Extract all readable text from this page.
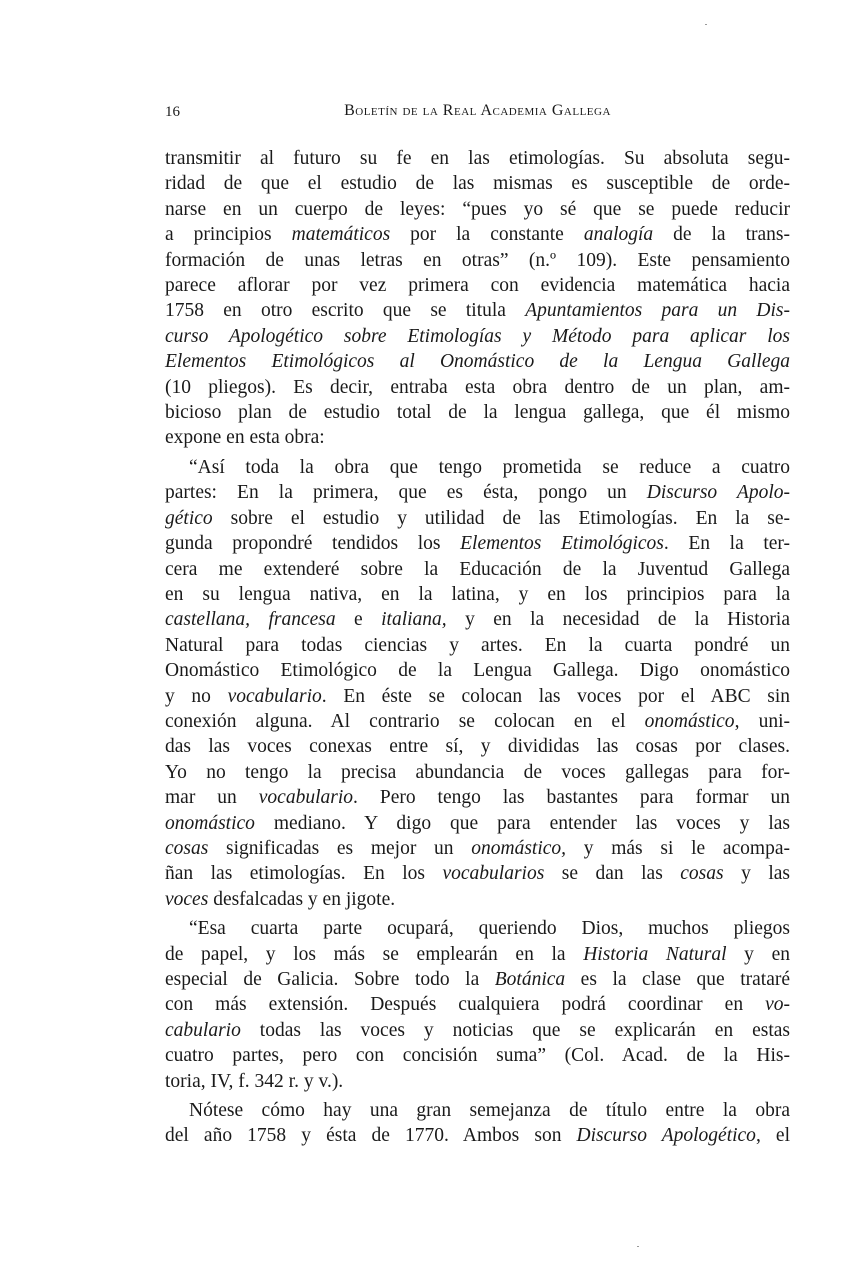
16	Boletín de la Real Academia Gallega
transmitir al futuro su fe en las etimologías. Su absoluta segu-
ridad de que el estudio de las mismas es susceptible de orde-
narse en un cuerpo de leyes: “pues yo sé que se puede reducir
a principios matemáticos por la constante analogía de la trans-
formación de unas letras en otras” (n.º 109). Este pensamiento
parece aflorar por vez primera con evidencia matemática hacia
1758 en otro escrito que se titula Apuntamientos para un Dis-
curso Apologético sobre Etimologías y Método para aplicar los
Elementos Etimológicos al Onomástico de la Lengua Gallega
(10 pliegos). Es decir, entraba esta obra dentro de un plan, am-
bicioso plan de estudio total de la lengua gallega, que él mismo
expone en esta obra:
“Así toda la obra que tengo prometida se reduce a cuatro
partes: En la primera, que es ésta, pongo un Discurso Apolo-
gético sobre el estudio y utilidad de las Etimologías. En la se-
gunda propondré tendidos los Elementos Etimológicos. En la ter-
cera me extenderé sobre la Educación de la Juventud Gallega
en su lengua nativa, en la latina, y en los principios para la
castellana, francesa e italiana, y en la necesidad de la Historia
Natural para todas ciencias y artes. En la cuarta pondré un
Onomástico Etimológico de la Lengua Gallega. Digo onomástico
y no vocabulario. En éste se colocan las voces por el ABC sin
conexión alguna. Al contrario se colocan en el onomástico, uni-
das las voces conexas entre sí, y divididas las cosas por clases.
Yo no tengo la precisa abundancia de voces gallegas para for-
mar un vocabulario. Pero tengo las bastantes para formar un
onomástico mediano. Y digo que para entender las voces y las
cosas significadas es mejor un onomástico, y más si le acompa-
ñan las etimologías. En los vocabularios se dan las cosas y las
voces desfalcadas y en jigote.
“Esa cuarta parte ocupará, queriendo Dios, muchos pliegos
de papel, y los más se emplearán en la Historia Natural y en
especial de Galicia. Sobre todo la Botánica es la clase que trataré
con más extensión. Después cualquiera podrá coordinar en vo-
cabulario todas las voces y noticias que se explicarán en estas
cuatro partes, pero con concisión suma” (Col. Acad. de la His-
toria, IV, f. 342 r. y v.).
Nótese cómo hay una gran semejanza de título entre la obra
del año 1758 y ésta de 1770. Ambos son Discurso Apologético, el
